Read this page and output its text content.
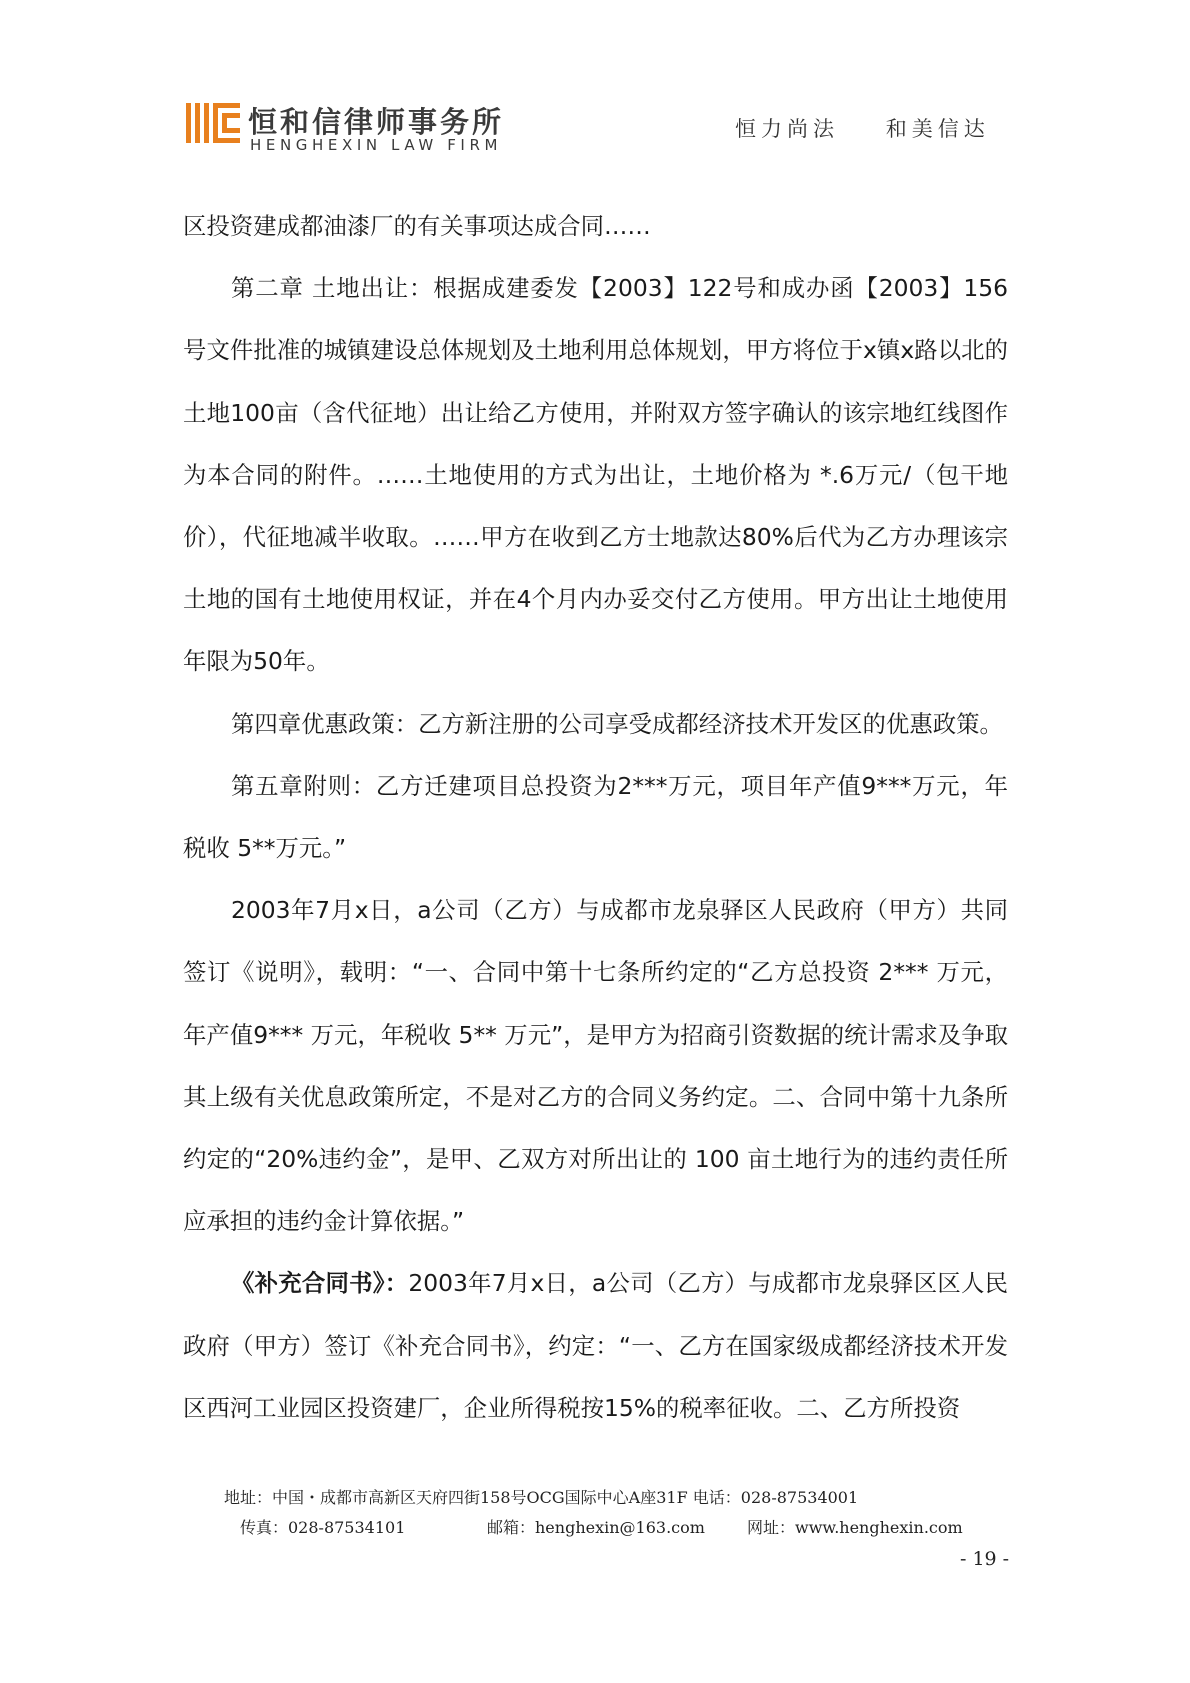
恒和信律师事务所
HENGHEXIN LAW FIRM
恒力尚法    和美信达

区投资建成都油漆厂的有关事项达成合同……

第二章 土地出让：根据成建委发【2003】122号和成办函【2003】156号文件批准的城镇建设总体规划及土地利用总体规划，甲方将位于x镇x路以北的土地100亩（含代征地）出让给乙方使用，并附双方签字确认的该宗地红线图作为本合同的附件。……土地使用的方式为出让，土地价格为 *.6万元/（包干地价），代征地减半收取。……甲方在收到乙方士地款达80%后代为乙方办理该宗土地的国有土地使用权证，并在4个月内办妥交付乙方使用。甲方出让土地使用年限为50年。

第四章优惠政策：乙方新注册的公司享受成都经济技术开发区的优惠政策。

第五章附则：乙方迁建项目总投资为2***万元，项目年产值9***万元，年税收 5**万元。”

2003年7月x日，a公司（乙方）与成都市龙泉驿区人民政府（甲方）共同签订《说明》，载明：“一、合同中第十七条所约定的“乙方总投资 2*** 万元，年产值9*** 万元，年税收 5** 万元”，是甲方为招商引资数据的统计需求及争取其上级有关优息政策所定，不是对乙方的合同义务约定。二、合同中第十九条所约定的“20%违约金”，是甲、乙双方对所出让的 100 亩土地行为的违约责任所应承担的违约金计算依据。”

《补充合同书》：2003年7月x日，a公司（乙方）与成都市龙泉驿区区人民政府（甲方）签订《补充合同书》，约定：“一、乙方在国家级成都经济技术开发区西河工业园区投资建厂，企业所得税按15%的税率征收。二、乙方所投资

地址：中国・成都市高新区天府四街158号OCG国际中心A座31F 电话：028-87534001
传真：028-87534101	邮箱：henghexin@163.com	网址：www.henghexin.com
- 19 -
